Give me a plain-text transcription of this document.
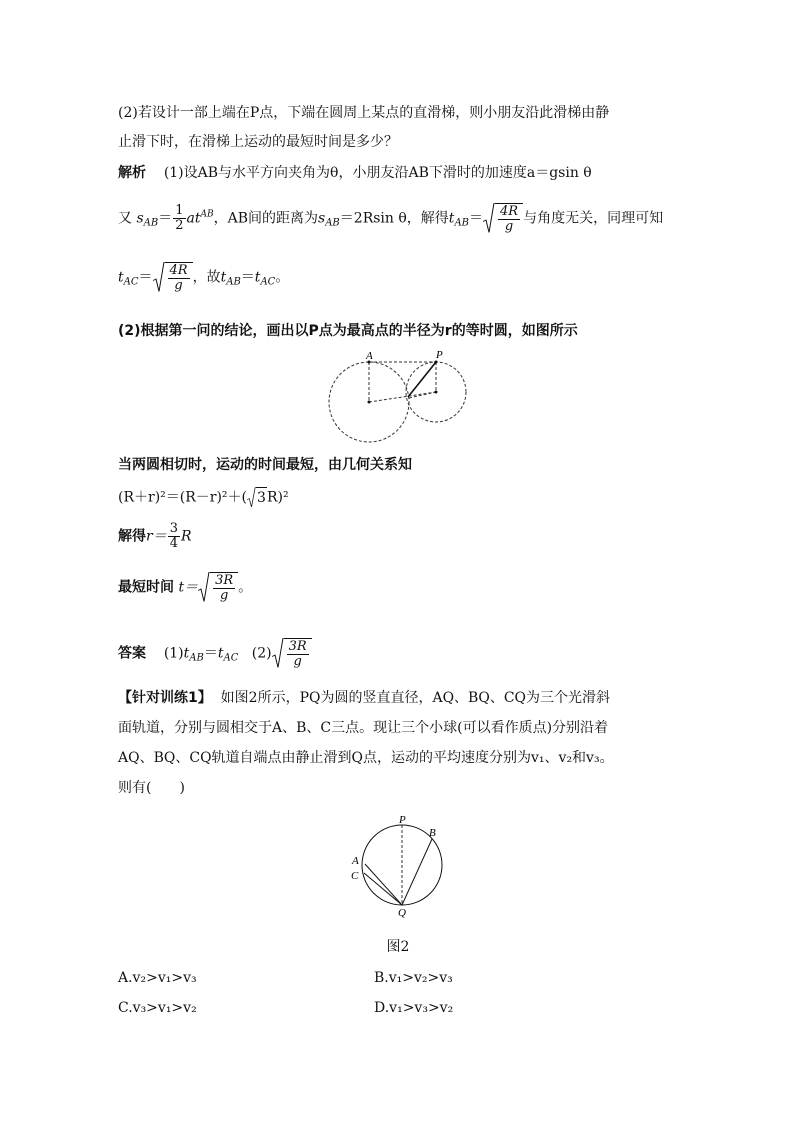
(2)若设计一部上端在P点，下端在圆周上某点的直滑梯，则小朋友沿此滑梯由静
止滑下时，在滑梯上运动的最短时间是多少？
解析 (1)设AB与水平方向夹角为θ，小朋友沿AB下滑时的加速度a＝gsin θ
又 $s_{AB}= \frac{1}{2} at^{AB}$，AB间的距离为$s_{AB}=2Rsin$ θ，解得$t_{AB}= \frac{4R}{g}$ 与角度无关，同理可知
$t_{AC}= \frac{4R}{g}$ ，故$t_{AB}=t_{AC}$。
(2)根据第一问的结论，画出以P点为最高点的半径为r的等时圆，如图所示
A	P
当两圆相切时，运动的时间最短，由几何关系知
(R＋r)²＝(R－r)²＋( 3R)²
解得$r= \frac{3}{4}$ R
最短时间 $t= \frac{3R}{g}$ 。
答案 $(1)t_{AB}=t_{AC}$ $(2) \frac{3R}{g}$
【针对训练1】 如图2所示，PQ为圆的竖直直径，AQ、BQ、CQ为三个光滑斜
面轨道，分别与圆相交于A、B、C三点。现让三个小球(可以看作质点)分别沿着
AQ、BQ、CQ轨道自端点由静止滑到Q点，运动的平均速度分别为v₁、v₂和v₃。
则有(　　)
P
B
A
C
Q
图2
A.v₂>v₁>v₃	B.v₁>v₂>v₃
C.v₃>v₁>v₂	D.v₁>v₃>v₂
